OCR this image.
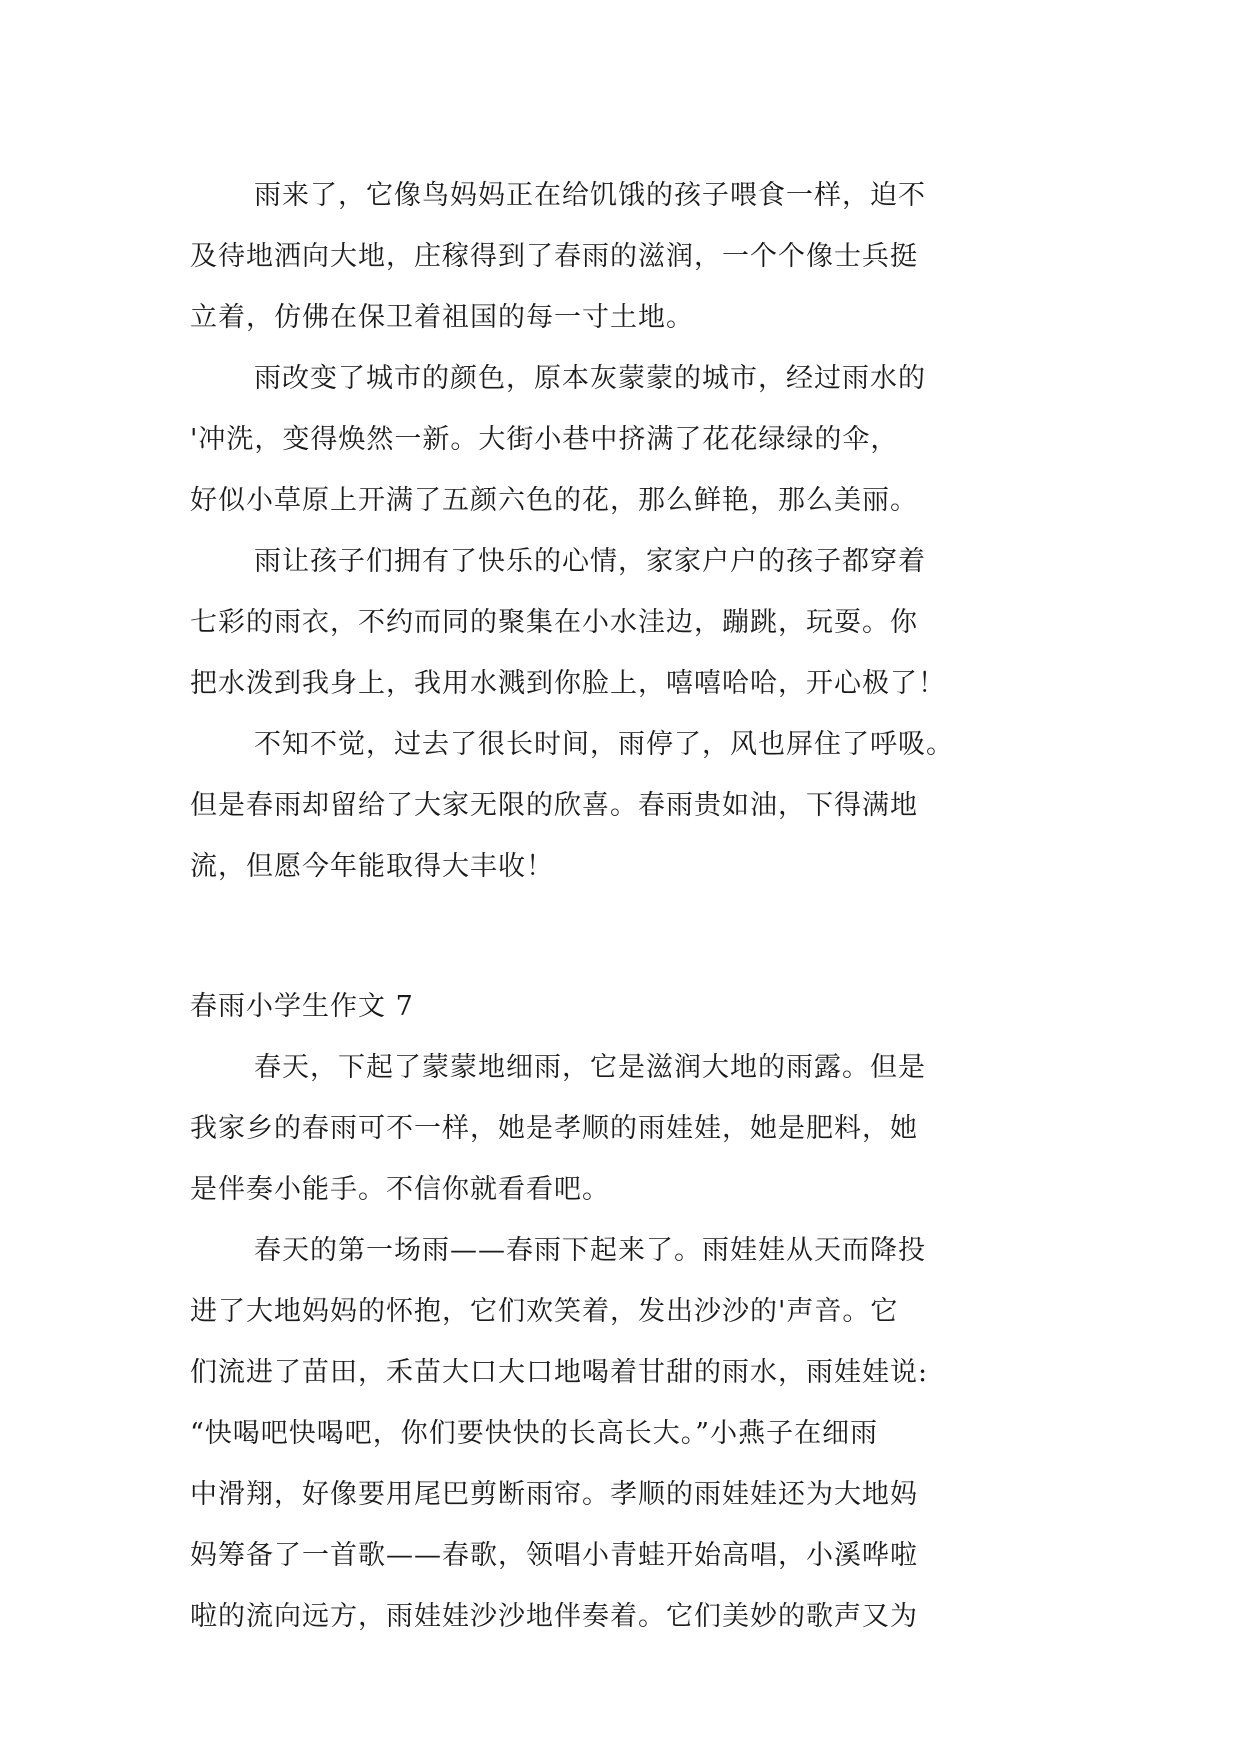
雨来了，它像鸟妈妈正在给饥饿的孩子喂食一样，迫不
及待地洒向大地，庄稼得到了春雨的滋润，一个个像士兵挺
立着，仿佛在保卫着祖国的每一寸土地。
雨改变了城市的颜色，原本灰蒙蒙的城市，经过雨水的
'冲洗，变得焕然一新。大街小巷中挤满了花花绿绿的伞，
好似小草原上开满了五颜六色的花，那么鲜艳，那么美丽。
雨让孩子们拥有了快乐的心情，家家户户的孩子都穿着
七彩的雨衣，不约而同的聚集在小水洼边，蹦跳，玩耍。你
把水泼到我身上，我用水溅到你脸上，嘻嘻哈哈，开心极了！
不知不觉，过去了很长时间，雨停了，风也屏住了呼吸。
但是春雨却留给了大家无限的欣喜。春雨贵如油，下得满地
流，但愿今年能取得大丰收！
春雨小学生作文 7
春天，下起了蒙蒙地细雨，它是滋润大地的雨露。但是
我家乡的春雨可不一样，她是孝顺的雨娃娃，她是肥料，她
是伴奏小能手。不信你就看看吧。
春天的第一场雨——春雨下起来了。雨娃娃从天而降投
进了大地妈妈的怀抱，它们欢笑着，发出沙沙的'声音。它
们流进了苗田，禾苗大口大口地喝着甘甜的雨水，雨娃娃说:
“快喝吧快喝吧，你们要快快的长高长大。”小燕子在细雨
中滑翔，好像要用尾巴剪断雨帘。孝顺的雨娃娃还为大地妈
妈筹备了一首歌——春歌，领唱小青蛙开始高唱，小溪哗啦
啦的流向远方，雨娃娃沙沙地伴奏着。它们美妙的歌声又为
